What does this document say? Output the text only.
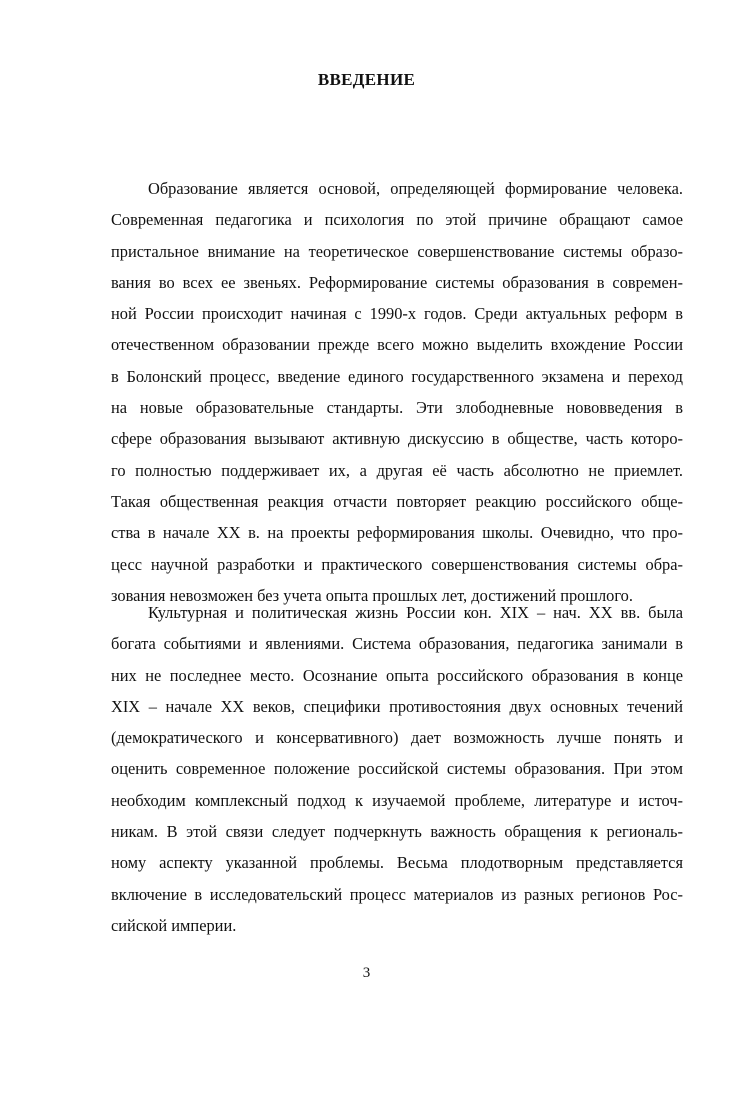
ВВЕДЕНИЕ

Образование является основой, определяющей формирование человека.
Современная педагогика и психология по этой причине обращают самое
пристальное внимание на теоретическое совершенствование системы образо-
вания во всех ее звеньях. Реформирование системы образования в современ-
ной России происходит начиная с 1990-х годов. Среди актуальных реформ в
отечественном образовании прежде всего можно выделить вхождение России
в Болонский процесс, введение единого государственного экзамена и переход
на новые образовательные стандарты. Эти злободневные нововведения в
сфере образования вызывают активную дискуссию в обществе, часть которо-
го полностью поддерживает их, а другая её часть абсолютно не приемлет.
Такая общественная реакция отчасти повторяет реакцию российского обще-
ства в начале XX в. на проекты реформирования школы. Очевидно, что про-
цесс научной разработки и практического совершенствования системы обра-
зования невозможен без учета опыта прошлых лет, достижений прошлого.

Культурная и политическая жизнь России кон. XIX – нач. XX вв. была
богата событиями и явлениями. Система образования, педагогика занимали в
них не последнее место. Осознание опыта российского образования в конце
XIX – начале XX веков, специфики противостояния двух основных течений
(демократического и консервативного) дает возможность лучше понять и
оценить современное положение российской системы образования. При этом
необходим комплексный подход к изучаемой проблеме, литературе и источ-
никам. В этой связи следует подчеркнуть важность обращения к региональ-
ному аспекту указанной проблемы. Весьма плодотворным представляется
включение в исследовательский процесс материалов из разных регионов Рос-
сийской империи.

3
